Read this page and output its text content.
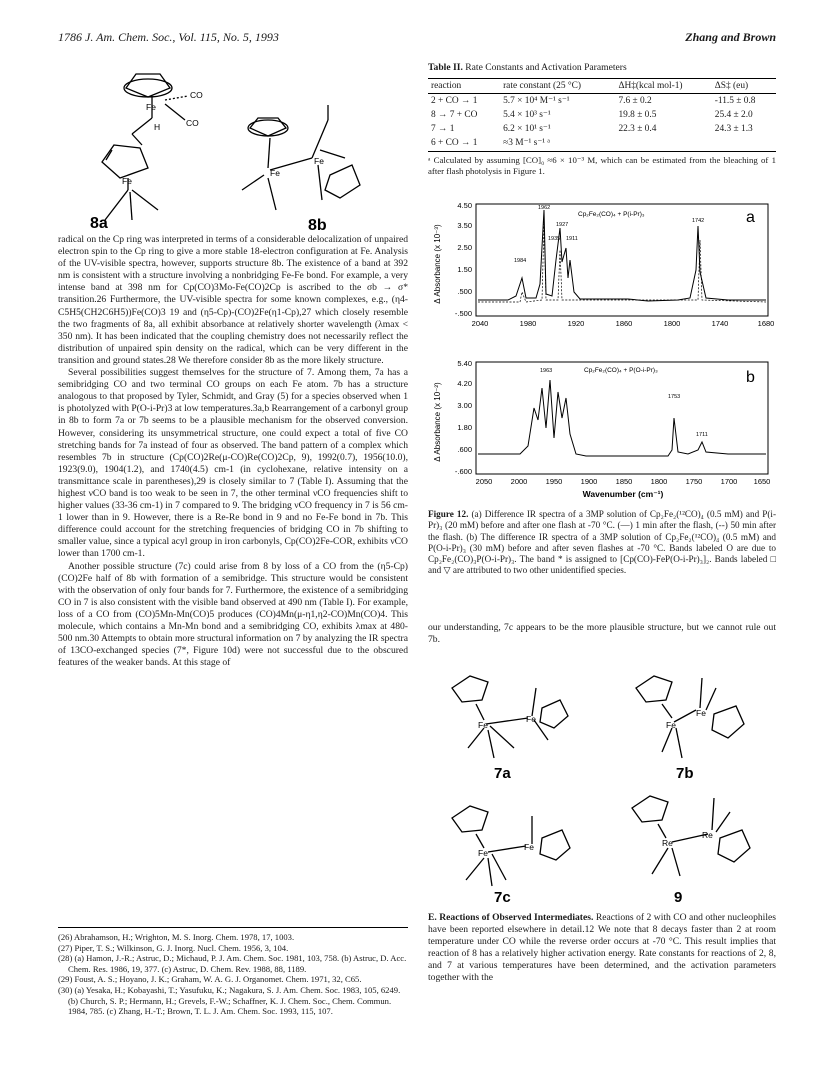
1786 J. Am. Chem. Soc., Vol. 115, No. 5, 1993	Zhang and Brown
Fe
CO
CO
H
Fe
Fe
Fe
8a	8b

radical on the Cp ring was interpreted in terms of a considerable delocalization of unpaired electron spin to the Cp ring to give a more stable 18-electron configuration at Fe. Analysis of the UV-visible spectra, however, supports structure 8b. The existence of a band at 392 nm is consistent with a structure involving a nonbridging Fe-Fe bond. For example, a very intense band at 398 nm for Cp(CO)3Mo-Fe(CO)2Cp is ascribed to the σb → σ* transition.26 Furthermore, the UV-visible spectra for some known complexes, e.g., (η4-C5H5(CH2C6H5))Fe(CO)3 19 and (η5-Cp)-(CO)2Fe(η1-Cp),27 which closely resemble the two fragments of 8a, all exhibit absorbance at relatively shorter wavelength (λmax < 350 nm). It has been indicated that the coupling chemistry does not necessarily reflect the distribution of unpaired spin density on the radical, which can be very different in the transition and ground states.28 We therefore consider 8b as the more likely structure.

Several possibilities suggest themselves for the structure of 7. Among them, 7a has a semibridging CO and two terminal CO groups on each Fe atom. 7b has a structure analogous to that proposed by Tyler, Schmidt, and Gray (5) for a species observed when 1 is photolyzed with P(O-i-Pr)3 at low temperatures.3a,b Rearrangement of a carbonyl group in 8b to form 7a or 7b seems to be a plausible mechanism for the observed conversion. However, considering its unsymmetrical structure, one could expect a total of five CO stretching bands for 7a instead of four as observed. The band pattern of a complex which resembles 7b in structure (Cp(CO)2Re(μ-CO)Re(CO)2Cp, 9), 1992(0.7), 1956(10.0), 1923(9.0), 1904(1.2), and 1740(4.5) cm-1 (in cyclohexane, relative intensity on a transmittance scale in parentheses),29 is closely similar to 7 (Table I). Assuming that the highest νCO band is too weak to be seen in 7, the other terminal νCO frequencies shift to higher values (33-36 cm-1) in 7 compared to 9. The bridging νCO frequency in 7 is 56 cm-1 lower than in 9. However, there is a Re-Re bond in 9 and no Fe-Fe bond in 7b. This difference could account for the stretching frequencies of bridging CO in 7b shifting to smaller value, since a typical acyl group in iron carbonyls, Cp(CO)2Fe-COR, exhibits νCO lower than 1700 cm-1.

Another possible structure (7c) could arise from 8 by loss of a CO from the (η5-Cp)(CO)2Fe half of 8b with formation of a semibridge. This structure would be consistent with the observation of only four bands for 7. Furthermore, the existence of a semibridging CO in 7 is also consistent with the visible band observed at 490 nm (Table I). For example, loss of a CO from (CO)5Mn-Mn(CO)5 produces (CO)4Mn(μ-η1,η2-CO)Mn(CO)4. This molecule, which contains a Mn-Mn bond and a semibridging CO, exhibits λmax at 480-500 nm.30 Attempts to obtain more structural information on 7 by analyzing the IR spectra of 13CO-exchanged species (7*, Figure 10d) were not successful due to the obscured features of the weaker bands. At this stage of

(26) Abrahamson, H.; Wrighton, M. S. Inorg. Chem. 1978, 17, 1003.
(27) Piper, T. S.; Wilkinson, G. J. Inorg. Nucl. Chem. 1956, 3, 104.
(28) (a) Hamon, J.-R.; Astruc, D.; Michaud, P. J. Am. Chem. Soc. 1981, 103, 758. (b) Astruc, D. Acc. Chem. Res. 1986, 19, 377. (c) Astruc, D. Chem. Rev. 1988, 88, 1189.
(29) Foust, A. S.; Hoyano, J. K.; Graham, W. A. G. J. Organomet. Chem. 1971, 32, C65.
(30) (a) Yesaka, H.; Kobayashi, T.; Yasufuku, K.; Nagakura, S. J. Am. Chem. Soc. 1983, 105, 6249. (b) Church, S. P.; Hermann, H.; Grevels, F.-W.; Schaffner, K. J. Chem. Soc., Chem. Commun. 1984, 785. (c) Zhang, H.-T.; Brown, T. L. J. Am. Chem. Soc. 1993, 115, 107.
Table II. Rate Constants and Activation Parameters
reaction	rate constant (25 °C)	ΔH‡(kcal mol-1)	ΔS‡ (eu)
2 + CO → 1	5.7 × 10⁴ M⁻¹ s⁻¹	7.6 ± 0.2	-11.5 ± 0.8
8 → 7 + CO	5.4 × 10³ s⁻¹	19.8 ± 0.5	25.4 ± 2.0
7 → 1	6.2 × 10¹ s⁻¹	22.3 ± 0.4	24.3 ± 1.3
6 + CO → 1	≈3 M⁻¹ s⁻¹ ᵃ		
ᵃ Calculated by assuming [CO]₀ ≈6 × 10⁻³ M, which can be estimated from the bleaching of 1 after flash photolysis in Figure 1.
4.50
3.50
2.50
1.50
.500
-.500
2040	1980	1920	1860	1800	1740	1680
Δ Absorbance (x 10⁻³)
Cp₂Fe₂(CO)₄ + P(i-Pr)₃	a
1962
1927
1935 1911
1984
1742
5.40
4.20
3.00
1.80
.600
-.600
2050 2000 1950 1900 1850 1800 1750 1700 1650
Wavenumber (cm⁻¹)
Δ Absorbance (x 10⁻²)
Cp₂Fe₂(CO)₄ + P(O-i-Pr)₃	b
1963
1753
1711
Figure 12. (a) Difference IR spectra of a 3MP solution of Cp₂Fe₂(¹²CO)₄ (0.5 mM) and P(i-Pr)₃ (20 mM) before and after one flash at -70 °C. (—) 1 min after the flash, (--) 50 min after the flash. (b) The difference IR spectra of a 3MP solution of Cp₂Fe₂(¹²CO)₄ (0.5 mM) and P(O-i-Pr)₃ (30 mM) before and after seven flashes at -70 °C. Bands labeled O are due to Cp₂Fe₂(CO)₃P(O-i-Pr)₃. The band * is assigned to [Cp(CO)-FeP(O-i-Pr)₃]₂. Bands labeled □ and ▽ are attributed to two other unidentified species.

our understanding, 7c appears to be the more plausible structure, but we cannot rule out 7b.

Fe
Fe
Fe
Fe
Fe
Fe	Re
Re
7a	7b
7c	9
E. Reactions of Observed Intermediates. Reactions of 2 with CO and other nucleophiles have been reported elsewhere in detail.12 We note that 8 decays faster than 2 at room temperature under CO while the reverse order occurs at -70 °C. This result implies that reaction of 8 has a relatively higher activation energy. Rate constants for reactions of 2, 8, and 7 at various temperatures have been determined, and the activation parameters together with the
